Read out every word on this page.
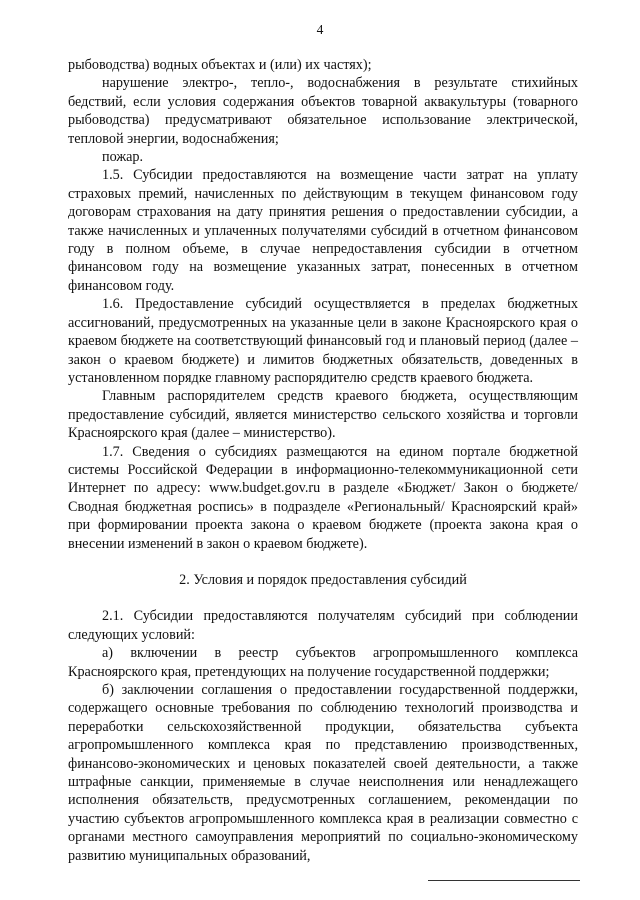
4

рыбоводства) водных объектах и (или) их частях);

нарушение электро-, тепло-, водоснабжения в результате стихийных бедствий, если условия содержания объектов товарной аквакультуры (товарного рыбоводства) предусматривают обязательное использование электрической, тепловой энергии, водоснабжения;

пожар.

1.5. Субсидии предоставляются на возмещение части затрат на уплату страховых премий, начисленных по действующим в текущем финансовом году договорам страхования на дату принятия решения о предоставлении субсидии, а также начисленных и уплаченных получателями субсидий в отчетном финансовом году в полном объеме, в случае непредоставления субсидии в отчетном финансовом году на возмещение указанных затрат, понесенных в отчетном финансовом году.

1.6. Предоставление субсидий осуществляется в пределах бюджетных ассигнований, предусмотренных на указанные цели в законе Красноярского края о краевом бюджете на соответствующий финансовый год и плановый период (далее – закон о краевом бюджете) и лимитов бюджетных обязательств, доведенных в установленном порядке главному распорядителю средств краевого бюджета.

Главным распорядителем средств краевого бюджета, осуществляющим предоставление субсидий, является министерство сельского хозяйства и торговли Красноярского края (далее – министерство).

1.7. Сведения о субсидиях размещаются на едином портале бюджетной системы Российской Федерации в информационно-телекоммуникационной сети Интернет по адресу: www.budget.gov.ru в разделе «Бюджет/ Закон о бюджете/ Сводная бюджетная роспись» в подразделе «Региональный/ Красноярский край» при формировании проекта закона о краевом бюджете (проекта закона края о внесении изменений в закон о краевом бюджете).

2. Условия и порядок предоставления субсидий

2.1. Субсидии предоставляются получателям субсидий при соблюдении следующих условий:

а) включении в реестр субъектов агропромышленного комплекса Красноярского края, претендующих на получение государственной поддержки;

б) заключении соглашения о предоставлении государственной поддержки, содержащего основные требования по соблюдению технологий производства и переработки сельскохозяйственной продукции, обязательства субъекта агропромышленного комплекса края по представлению производственных, финансово-экономических и ценовых показателей своей деятельности, а также штрафные санкции, применяемые в случае неисполнения или ненадлежащего исполнения обязательств, предусмотренных соглашением, рекомендации по участию субъектов агропромышленного комплекса края в реализации совместно с органами местного самоуправления мероприятий по социально-экономическому развитию муниципальных образований,
